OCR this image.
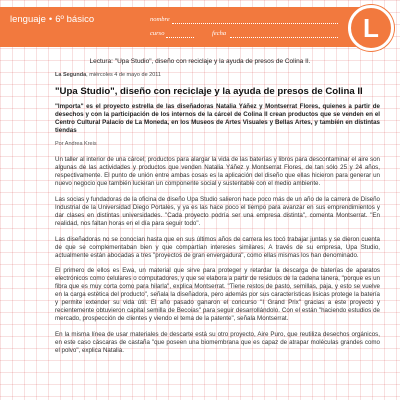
lenguaje • 6º básico	nombre
curso	fecha	L
Lectura: "Upa Studio", diseño con reciclaje y la ayuda de presos de Colina II.

La Segunda, miércoles 4 de mayo de 2011

"Upa Studio", diseño con reciclaje y la ayuda de presos de Colina II

"Importa" es el proyecto estrella de las diseñadoras Natalia Yáñez y Montserrat Flores, quienes a partir de desechos y con la participación de los internos de la cárcel de Colina II crean productos que se venden en el Centro Cultural Palacio de La Moneda, en los Museos de Artes Visuales y Bellas Artes, y también en distintas tiendas

Por Andrea Kreis

Un taller al interior de una cárcel; productos para alargar la vida de las baterías y libros para descontaminar el aire son algunas de las actividades y productos que venden Natalia Yáñez y Montserrat Flores, de tan sólo 25 y 24 años, respectivamente. El punto de unión entre ambas cosas es la aplicación del diseño que ellas hicieron para generar un nuevo negocio que también lucieran un componente social y sustentable con el medio ambiente.

Las socias y fundadoras de la oficina de diseño Upa Studio salieron hace poco más de un año de la carrera de Diseño Industrial de la Universidad Diego Portales, y ya es las hace poco el tiempo para avanzar en sus emprendimientos y dar clases en distintas universidades. "Cada proyecto podría ser una empresa distinta", comenta Montserrat. "En realidad, nos faltan horas en el día para seguir todo".

Las diseñadoras no se conocían hasta que en sus últimos años de carrera les tocó trabajar juntas y se dieron cuenta de que se complementaban bien y que compartían intereses similares. A través de su empresa, Upa Studio, actualmente están abocadas a tres "proyectos de gran envergadura", como ellas mismas los han denominado.

El primero de ellos es Ewa, un material que sirve para proteger y retardar la descarga de baterías de aparatos electrónicos como celulares o computadores, y que se elabora a partir de residuos de la cadena lanera, "porque es un fibra que es muy corta como para hilarla", explica Montserrat. "Tiene restos de pasto, semillas, paja, y esto se vuelve en la carga estética del producto", señala la diseñadora, pero además por sus características lisicas protege la batería y permite extender su vida útil. El año pasado ganaron el concurso "I Grand Prix" gracias a este proyecto y recientemente obtuvieron capital semilla de Becoias" para seguir desarrollándolo. Con el están "haciendo estudios de mercado, prospección de clientes y viendo el tema de la patente", señala Montserrat.

En la misma línea de usar materiales de descarte está su otro proyecto, Aire Puro, que reutiliza desechos orgánicos, en este caso cáscaras de castaña "que poseen una biomembrana que es capaz de atrapar moléculas grandes como el polvo", explica Natalia.
